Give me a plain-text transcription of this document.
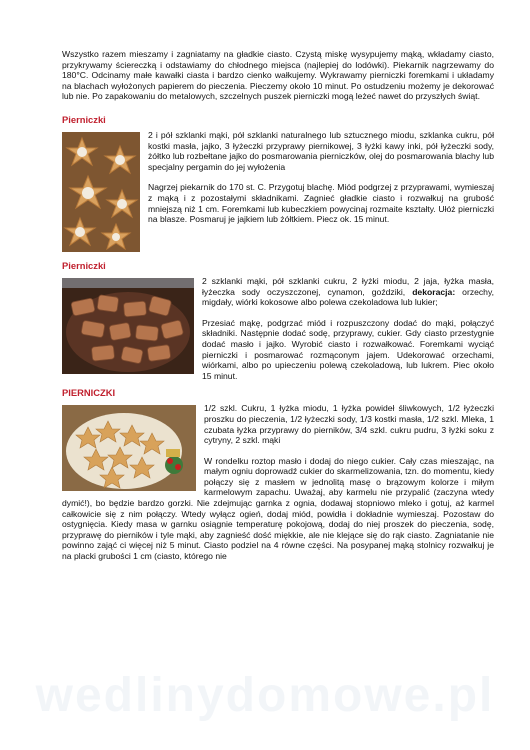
Wszystko razem mieszamy i zagniatamy na gładkie ciasto. Czystą miskę wysypujemy mąką, wkładamy ciasto, przykrywamy ściereczką i odstawiamy do chłodnego miejsca (najlepiej do lodówki). Piekarnik nagrzewamy do 180°C. Odcinamy małe kawałki ciasta i bardzo cienko wałkujemy. Wykrawamy pierniczki foremkami i układamy na blachach wyłożonych papierem do pieczenia. Pieczemy około 10 minut. Po ostudzeniu możemy je dekorować lub nie. Po zapakowaniu do metalowych, szczelnych puszek pierniczki mogą leżeć nawet do przyszłych świąt.

Pierniczki

2 i pół szklanki mąki, pół szklanki naturalnego lub sztucznego miodu, szklanka cukru, pół kostki masła, jajko, 3 łyżeczki przyprawy piernikowej, 3 łyżki kawy inki, pół łyżeczki sody, żółtko lub rozbełtane jajko do posmarowania pierniczków, olej do posmarowania blachy lub specjalny pergamin do jej wyłożenia

Nagrzej piekarnik do 170 st. C. Przygotuj blachę. Miód podgrzej z przyprawami, wymieszaj z mąką i z pozostałymi składnikami. Zagnieć gładkie ciasto i rozwałkuj na grubość mniejszą niż 1 cm. Foremkami lub kubeczkiem powycinaj rozmaite kształty. Ułóż pierniczki na blasze. Posmaruj je jajkiem lub żółtkiem. Piecz ok. 15 minut.

Pierniczki

2 szklanki mąki, pół szklanki cukru, 2 łyżki miodu, 2 jaja, łyżka masła, łyżeczka sody oczyszczonej, cynamon, goździki, dekoracja: orzechy, migdały, wiórki kokosowe albo polewa czekoladowa lub lukier;

Przesiać mąkę, podgrzać miód i rozpuszczony dodać do mąki, połączyć składniki. Następnie dodać sodę, przyprawy, cukier. Gdy ciasto przestygnie dodać masło i jajko. Wyrobić ciasto i rozwałkować. Foremkami wyciąć pierniczki i posmarować rozmąconym jajem. Udekorować orzechami, wiórkami, albo po upieczeniu polewą czekoladową, lub lukrem. Piec około 15 minut.

PIERNICZKI

1/2 szkl. Cukru, 1 łyżka miodu, 1 łyżka powideł śliwkowych, 1/2 łyżeczki proszku do pieczenia, 1/2 łyżeczki sody, 1/3 kostki masła, 1/2 szkl. Mleka, 1 czubata łyżka przyprawy do pierników, 3/4 szkl. cukru pudru, 3 łyżki soku z cytryny, 2 szkl. mąki

W rondelku roztop masło i dodaj do niego cukier. Cały czas mieszając, na małym ogniu doprowadź cukier do skarmelizowania, tzn. do momentu, kiedy połączy się z masłem w jednolitą masę o brązowym kolorze i miłym karmelowym zapachu. Uważaj, aby karmelu nie przypalić (zaczyna wtedy dymić!), bo będzie bardzo gorzki. Nie zdejmując garnka z ognia, dodawaj stopniowo mleko i gotuj, aż karmel całkowicie się z nim połączy. Wtedy wyłącz ogień, dodaj miód, powidła i dokładnie wymieszaj. Pozostaw do ostygnięcia. Kiedy masa w garnku osiągnie temperaturę pokojową, dodaj do niej proszek do pieczenia, sodę, przyprawę do pierników i tyle mąki, aby zagnieść dość miękkie, ale nie klejące się do rąk ciasto. Zagniatanie nie powinno zająć ci więcej niż 5 minut. Ciasto podziel na 4 równe części. Na posypanej mąką stolnicy rozwałkuj je na placki grubości 1 cm (ciasto, którego nie

wedlinydomowe.pl
